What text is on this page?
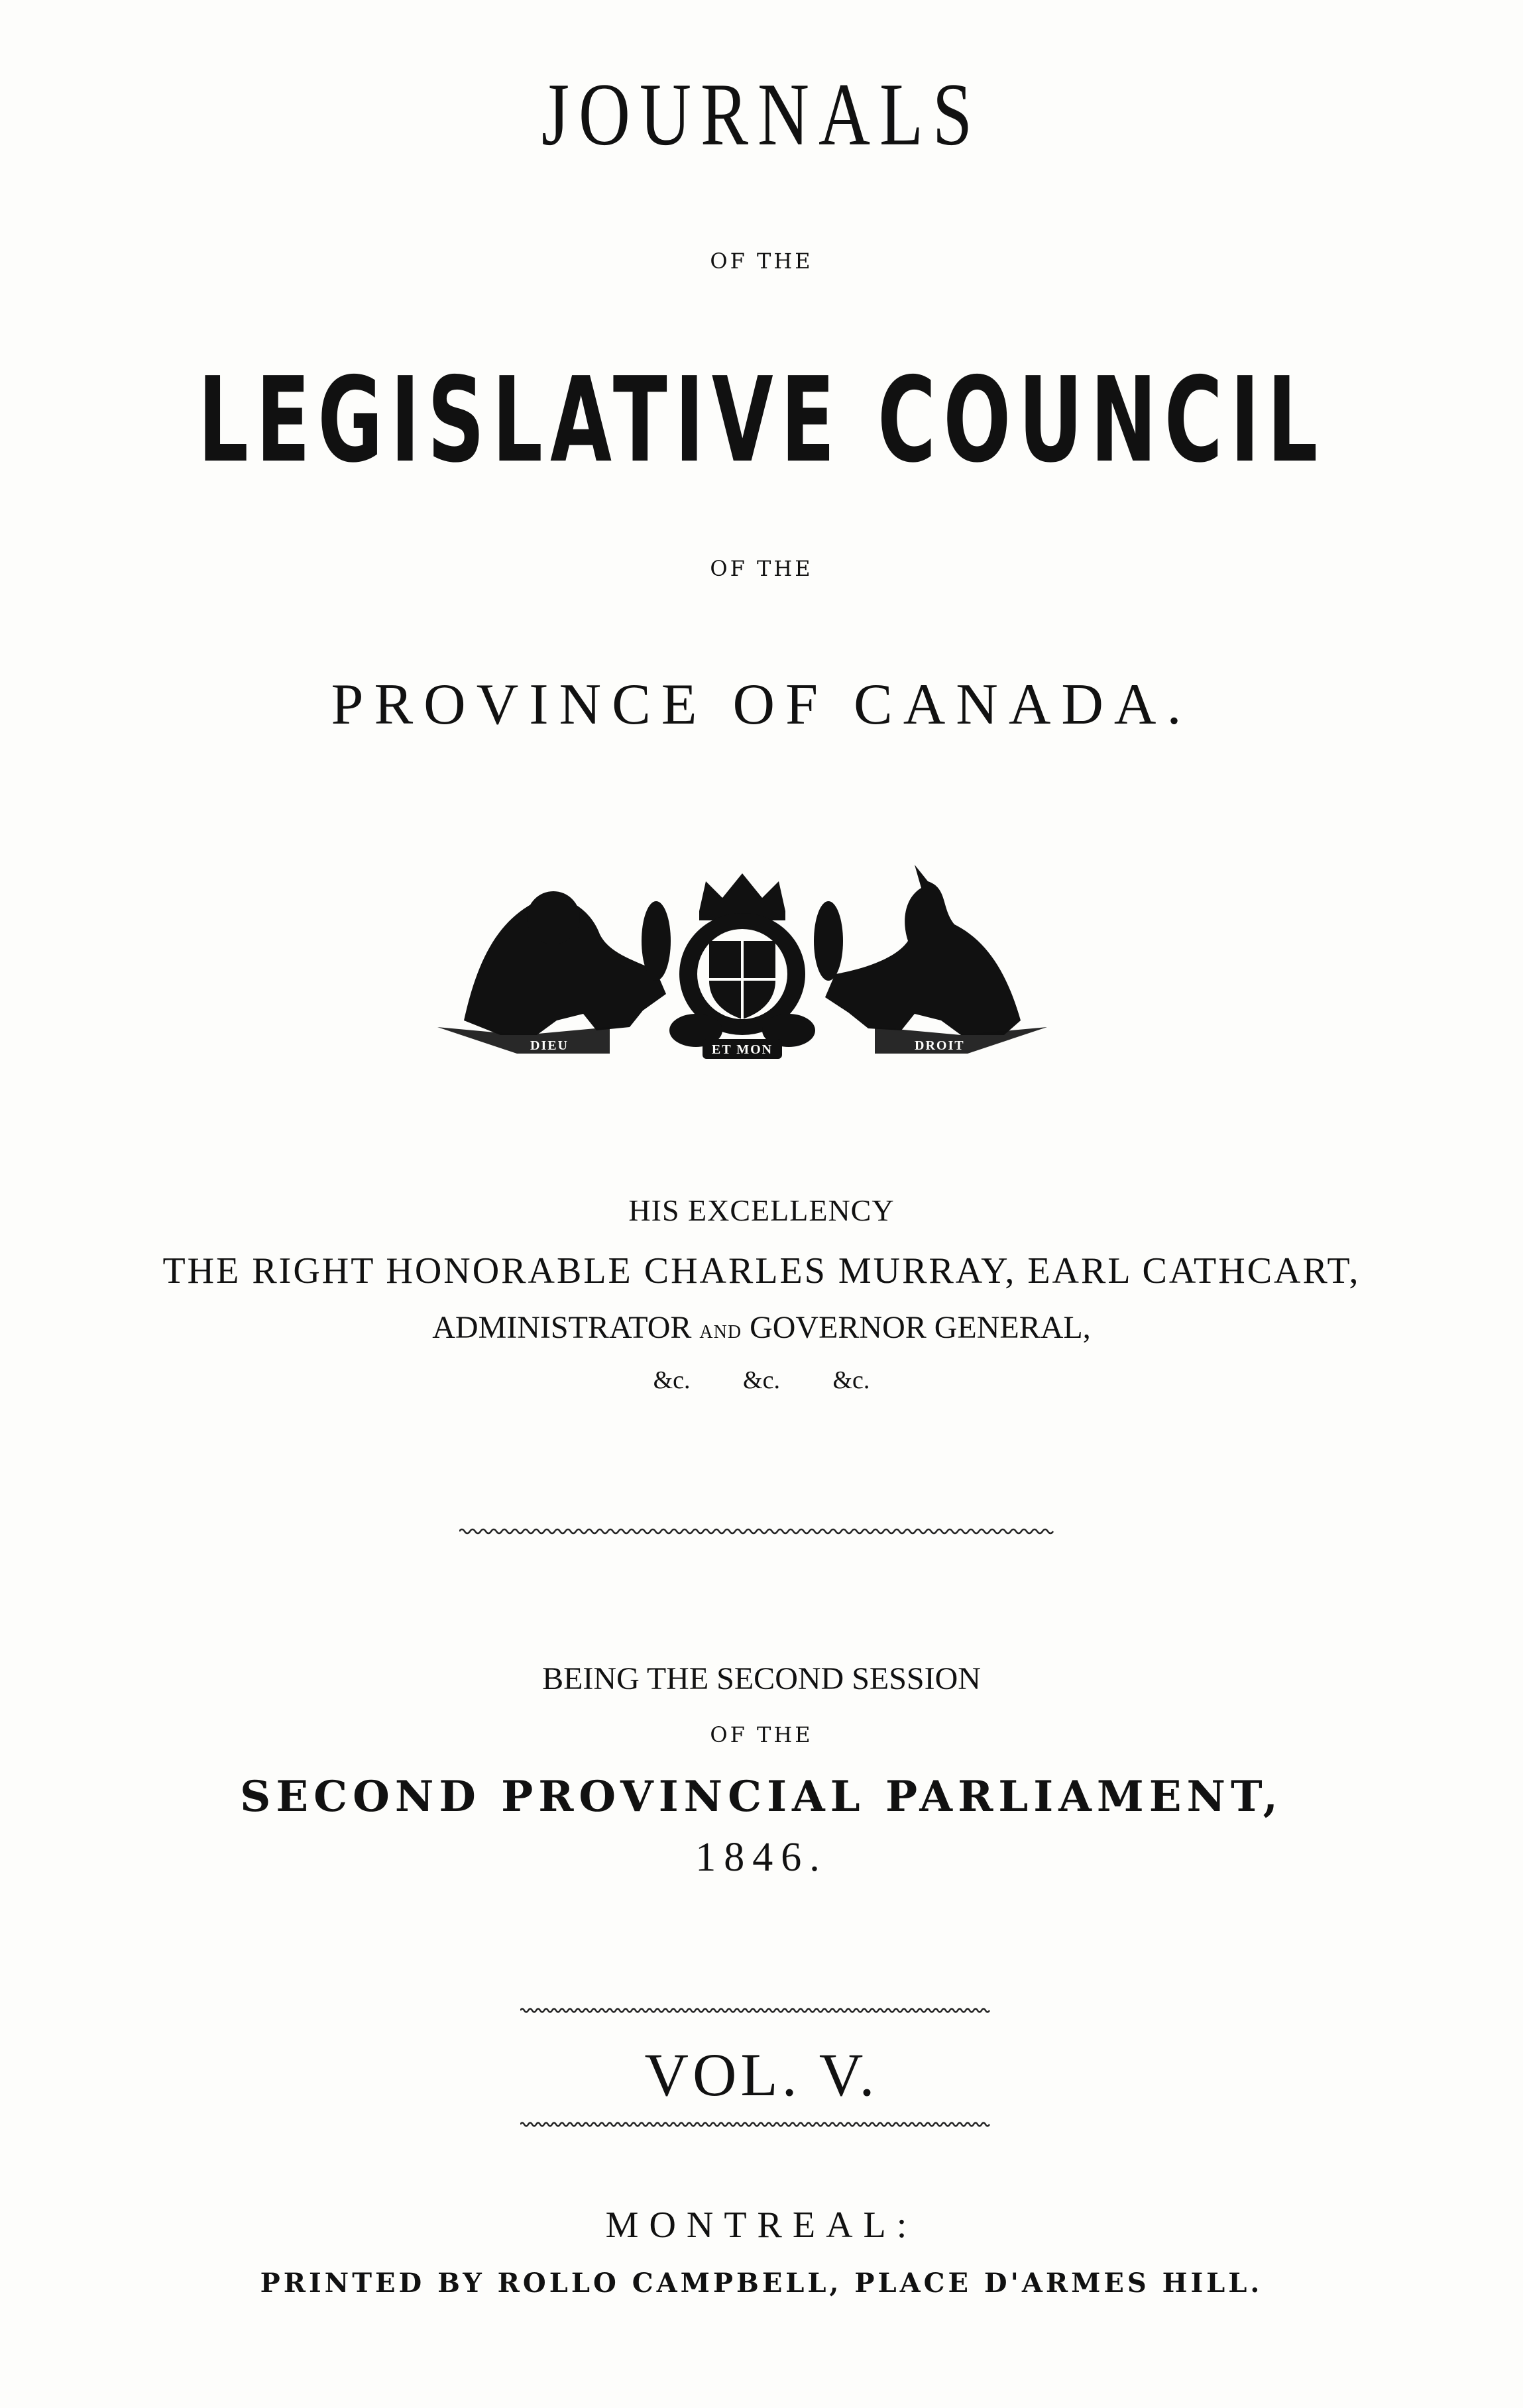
JOURNALS
OF THE
LEGISLATIVE COUNCIL
OF THE
PROVINCE OF CANADA.
DIEU	ET MON	DROIT
HIS EXCELLENCY
THE RIGHT HONORABLE CHARLES MURRAY, EARL CATHCART,
ADMINISTRATOR AND GOVERNOR GENERAL,
&c. &c. &c.
BEING THE SECOND SESSION
OF THE
SECOND PROVINCIAL PARLIAMENT,
1846.
VOL. V.
MONTREAL:
PRINTED BY ROLLO CAMPBELL, PLACE D'ARMES HILL.
